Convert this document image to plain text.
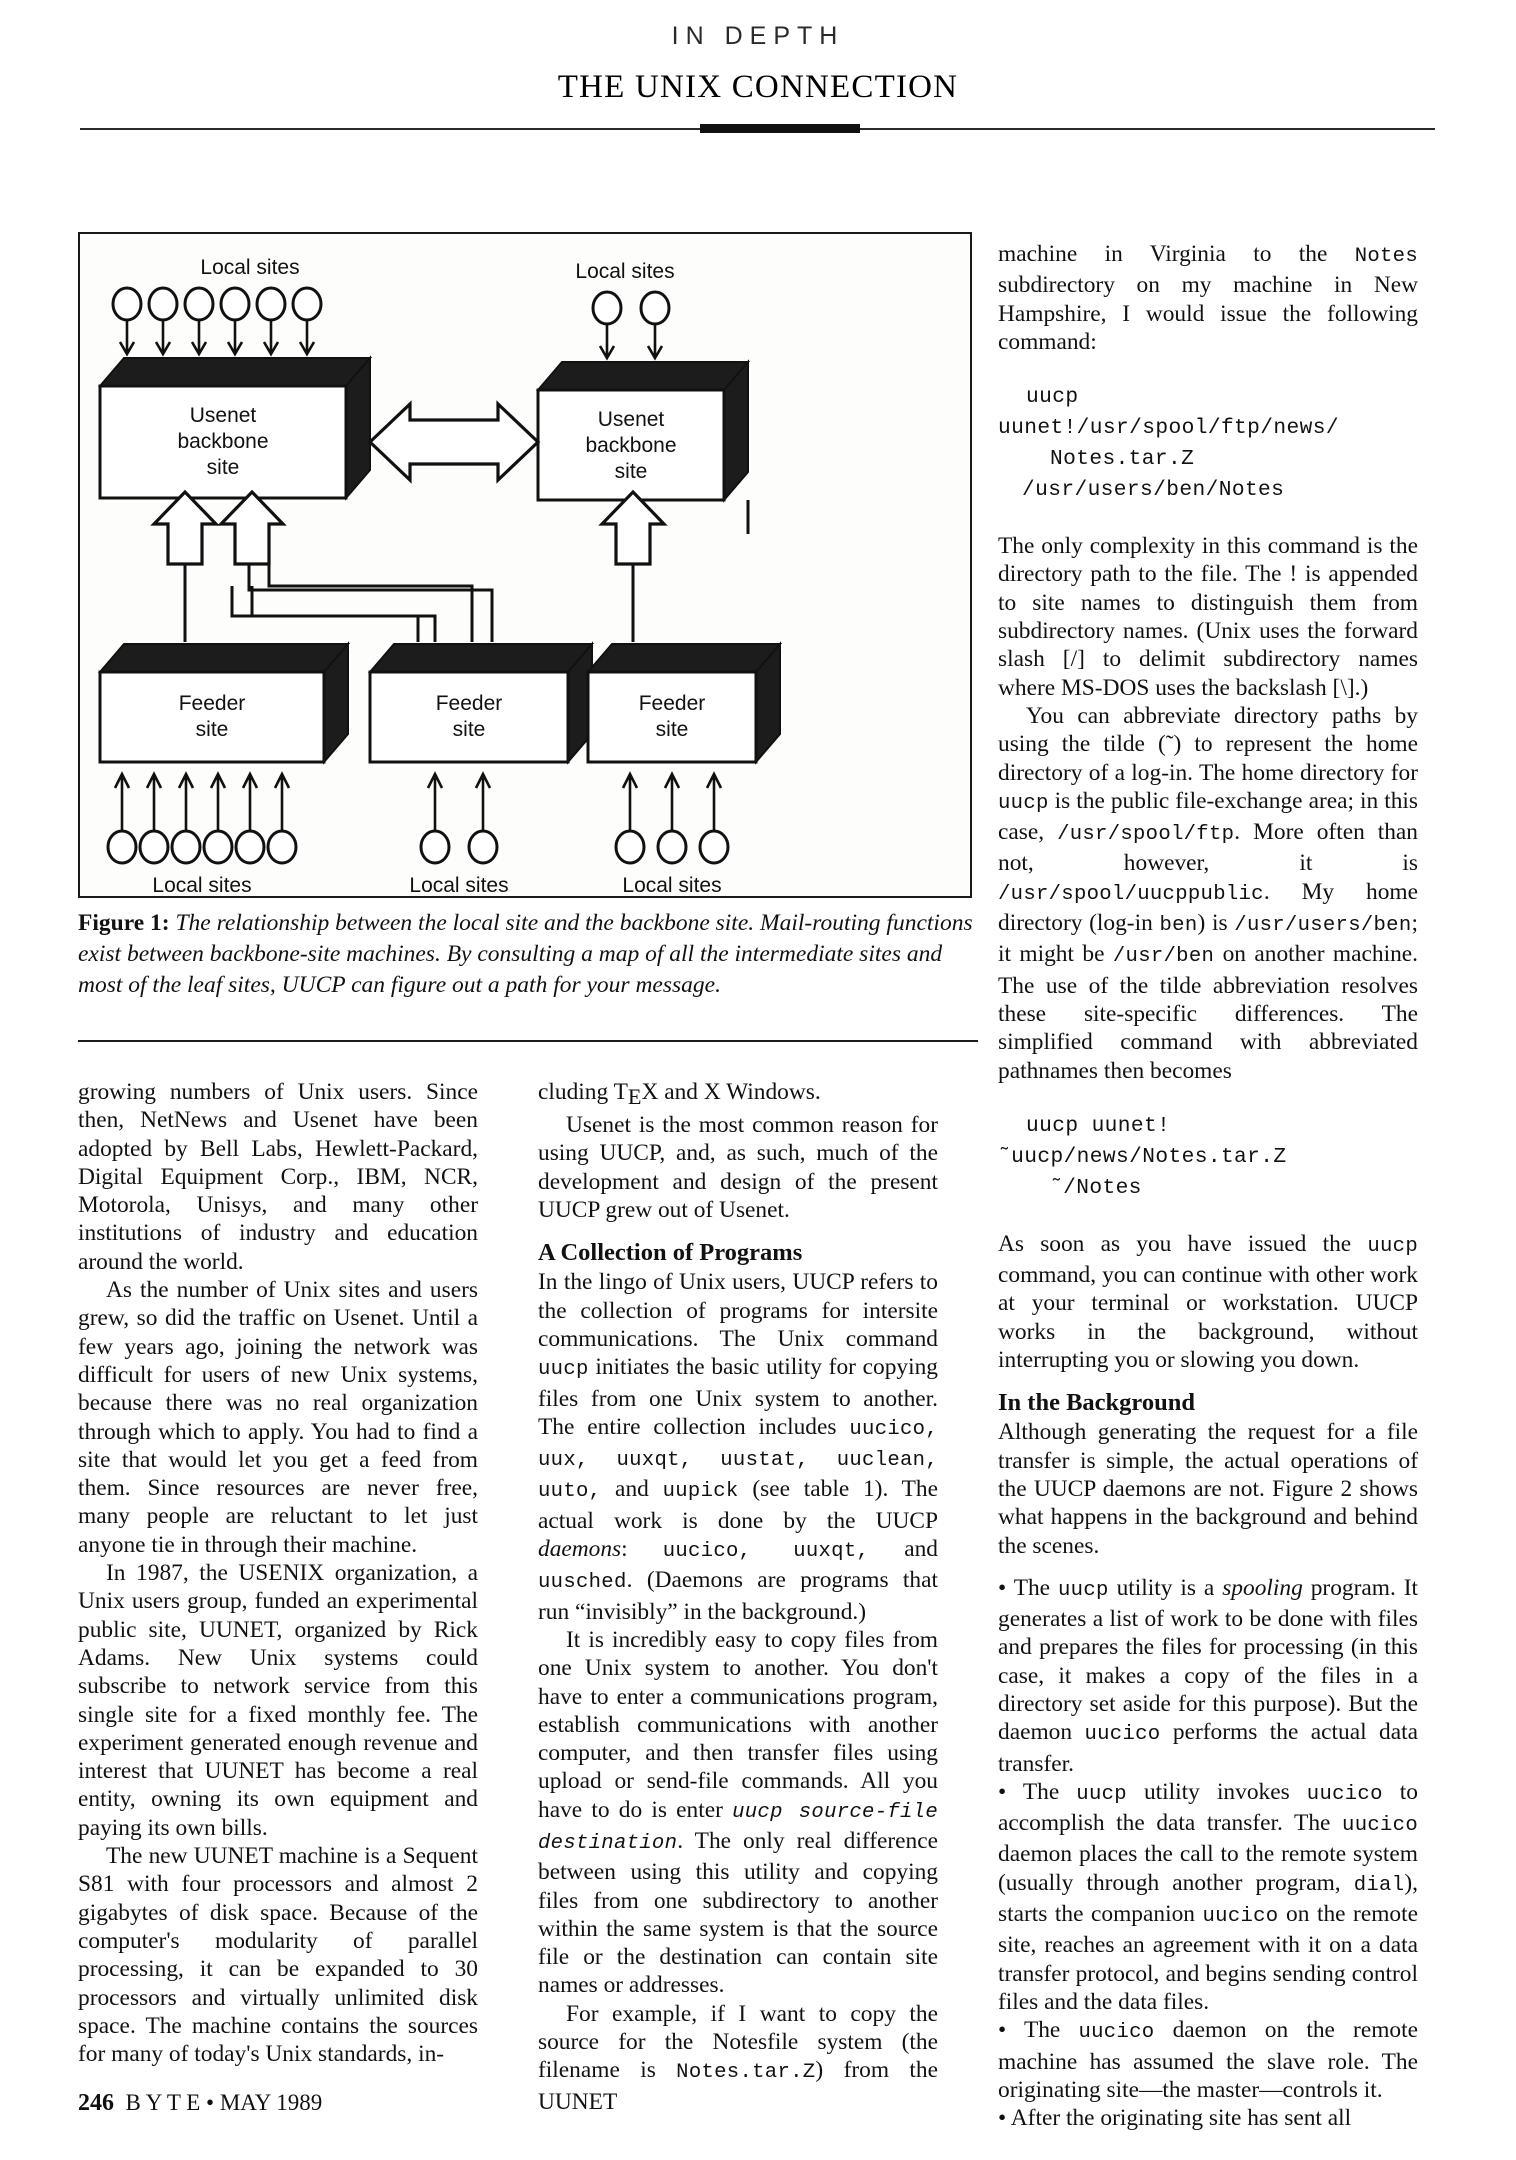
IN DEPTH
THE UNIX CONNECTION
Local sites
Usenet
backbone
site
Local sites
Usenet
backbone
site
Feeder
site
Feeder
site
Feeder
site
Local sites	Local sites	Local sites
Figure 1: The relationship between the local site and the backbone site. Mail-routing functions exist between backbone-site machines. By consulting a map of all the intermediate sites and most of the leaf sites, UUCP can figure out a path for your message.

growing numbers of Unix users. Since then, NetNews and Usenet have been adopted by Bell Labs, Hewlett-Packard, Digital Equipment Corp., IBM, NCR, Motorola, Unisys, and many other institutions of industry and education around the world.

As the number of Unix sites and users grew, so did the traffic on Usenet. Until a few years ago, joining the network was difficult for users of new Unix systems, because there was no real organization through which to apply. You had to find a site that would let you get a feed from them. Since resources are never free, many people are reluctant to let just anyone tie in through their machine.

In 1987, the USENIX organization, a Unix users group, funded an experimental public site, UUNET, organized by Rick Adams. New Unix systems could subscribe to network service from this single site for a fixed monthly fee. The experiment generated enough revenue and interest that UUNET has become a real entity, owning its own equipment and paying its own bills.

The new UUNET machine is a Sequent S81 with four processors and almost 2 gigabytes of disk space. Because of the computer's modularity of parallel processing, it can be expanded to 30 processors and virtually unlimited disk space. The machine contains the sources for many of today's Unix standards, in-

cluding TEX and X Windows.

Usenet is the most common reason for using UUCP, and, as such, much of the development and design of the present UUCP grew out of Usenet.

A Collection of Programs

In the lingo of Unix users, UUCP refers to the collection of programs for intersite communications. The Unix command uucp initiates the basic utility for copying files from one Unix system to another. The entire collection includes uucico, uux, uuxqt, uustat, uuclean, uuto, and uupick (see table 1). The actual work is done by the UUCP daemons: uucico, uuxqt, and uusched. (Daemons are programs that run “invisibly” in the background.)

It is incredibly easy to copy files from one Unix system to another. You don't have to enter a communications program, establish communications with another computer, and then transfer files using upload or send-file commands. All you have to do is enter uucp source-file destination. The only real difference between using this utility and copying files from one subdirectory to another within the same system is that the source file or the destination can contain site names or addresses.

For example, if I want to copy the source for the Notesfile system (the filename is Notes.tar.Z) from the UUNET

machine in Virginia to the Notes subdirectory on my machine in New Hampshire, I would issue the following command:

uucp uunet!/usr/spool/ftp/news/
Notes.tar.Z /usr/users/ben/Notes

The only complexity in this command is the directory path to the file. The ! is appended to site names to distinguish them from subdirectory names. (Unix uses the forward slash [/] to delimit subdirectory names where MS-DOS uses the backslash [\].)

You can abbreviate directory paths by using the tilde (˜) to represent the home directory of a log-in. The home directory for uucp is the public file-exchange area; in this case, /usr/spool/ftp. More often than not, however, it is /usr/spool/uucppublic. My home directory (log-in ben) is /usr/users/ben; it might be /usr/ben on another machine. The use of the tilde abbreviation resolves these site-specific differences. The simplified command with abbreviated pathnames then becomes

uucp uunet!˜uucp/news/Notes.tar.Z
˜/Notes

As soon as you have issued the uucp command, you can continue with other work at your terminal or workstation. UUCP works in the background, without interrupting you or slowing you down.

In the Background

Although generating the request for a file transfer is simple, the actual operations of the UUCP daemons are not. Figure 2 shows what happens in the background and behind the scenes.

• The uucp utility is a spooling program. It generates a list of work to be done with files and prepares the files for processing (in this case, it makes a copy of the files in a directory set aside for this purpose). But the daemon uucico performs the actual data transfer.

• The uucp utility invokes uucico to accomplish the data transfer. The uucico daemon places the call to the remote system (usually through another program, dial), starts the companion uucico on the remote site, reaches an agreement with it on a data transfer protocol, and begins sending control files and the data files.

• The uucico daemon on the remote machine has assumed the slave role. The originating site—the master—controls it.

• After the originating site has sent all

246 B Y T E • MAY 1989
